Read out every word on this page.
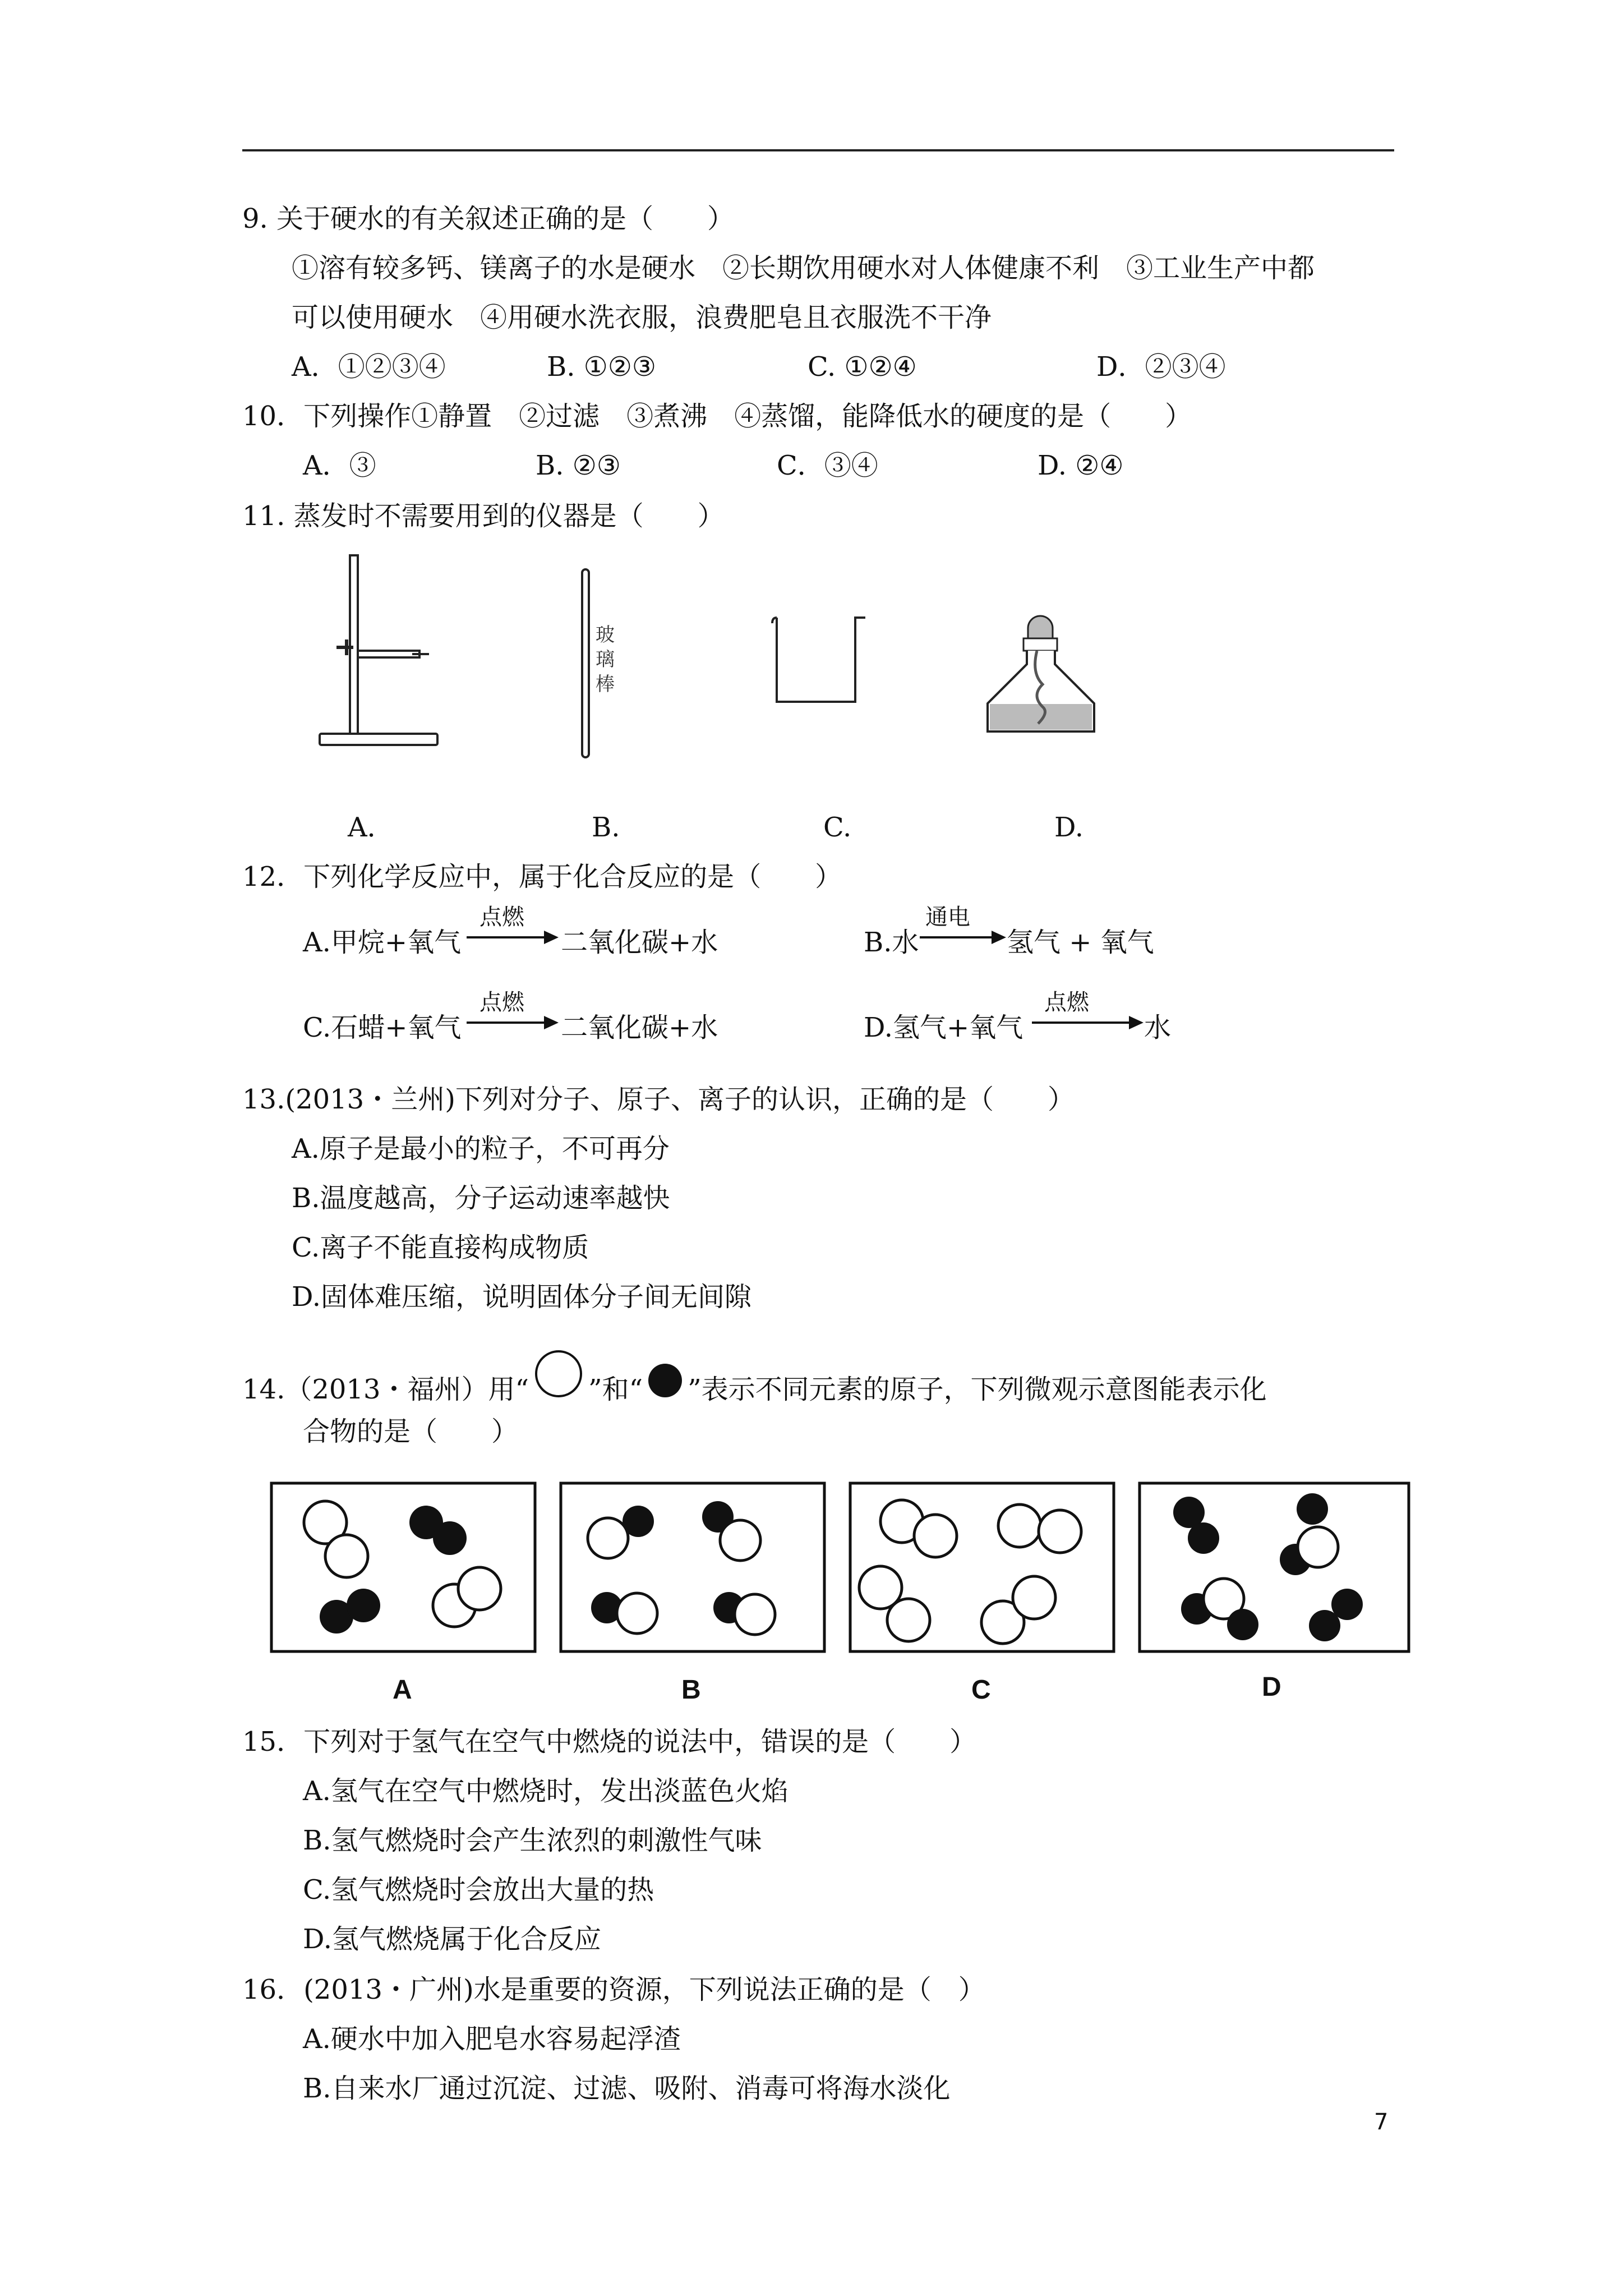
9. 关于硬水的有关叙述正确的是（　　）
①溶有较多钙、镁离子的水是硬水　②长期饮用硬水对人体健康不利　③工业生产中都
可以使用硬水　④用硬水洗衣服，浪费肥皂且衣服洗不干净
A．①②③④	B. ①②③	C. ①②④	D．②③④
10．下列操作①静置　②过滤　③煮沸　④蒸馏，能降低水的硬度的是（　　）
A．③	B. ②③	C．③④	D. ②④
11. 蒸发时不需要用到的仪器是（　　）
玻璃棒
A．	B.	C.	D.
12．下列化学反应中，属于化合反应的是（　　）
A.甲烷+氧气
点燃
二氧化碳+水	B.水
通电
氢气 + 氧气
C.石蜡+氧气
点燃
二氧化碳+水	D.氢气+氧气
点燃
水
13.(2013・兰州)下列对分子、原子、离子的认识，正确的是（　　）
A.原子是最小的粒子，不可再分
B.温度越高，分子运动速率越快
C.离子不能直接构成物质
D.固体难压缩，说明固体分子间无间隙
14.（2013・福州）用“ ”和“ ”表示不同元素的原子，下列微观示意图能表示化
合物的是（　　）
A	B	C	D
15．下列对于氢气在空气中燃烧的说法中，错误的是（　　）
A.氢气在空气中燃烧时，发出淡蓝色火焰
B.氢气燃烧时会产生浓烈的刺激性气味
C.氢气燃烧时会放出大量的热
D.氢气燃烧属于化合反应
16．(2013・广州)水是重要的资源，下列说法正确的是（　）
A.硬水中加入肥皂水容易起浮渣
B.自来水厂通过沉淀、过滤、吸附、消毒可将海水淡化
7
